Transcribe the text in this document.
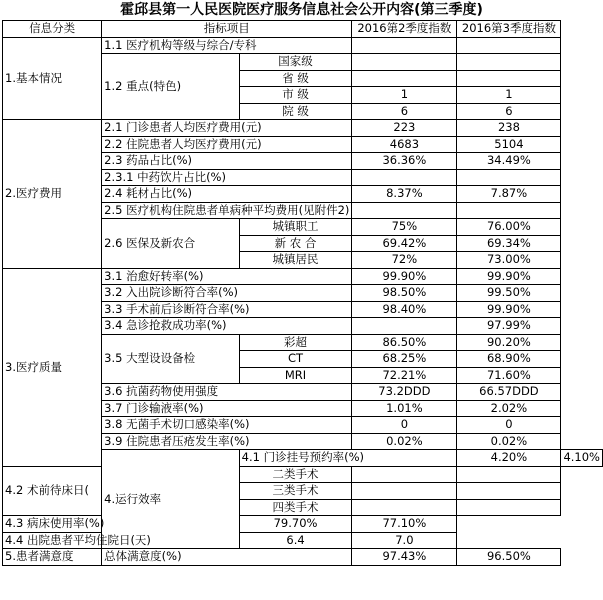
霍邱县第一人民医院医疗服务信息社会公开内容(第三季度)
信息分类	指标项目		2016第2季度指数	2016第3季度指数	
1.基本情况	1.1 医疗机构等级与综合/专科				
	1.2 重点(特色)	国家级			
		省 级			
		市 级	1	1	
		院 级	6	6	
2.医疗费用	2.1 门诊患者人均医疗费用(元)		223	238	
	2.2 住院患者人均医疗费用(元)		4683	5104	
	2.3 药品占比(%)		36.36%	34.49%	
	2.3.1 中药饮片占比(%)				
	2.4 耗材占比(%)		8.37%	7.87%	
	2.5 医疗机构住院患者单病种平均费用(见附件2)				
	2.6 医保及新农合	城镇职工	75%	76.00%	
		新 农 合	69.42%	69.34%	
		城镇居民	72%	73.00%	
3.医疗质量	3.1 治愈好转率(%)		99.90%	99.90%	
	3.2 入出院诊断符合率(%)		98.50%	99.50%	
	3.3 手术前后诊断符合率(%)		98.40%	99.90%	
	3.4 急诊抢救成功率(%)			97.99%	
	3.5 大型设设备检	彩超	86.50%	90.20%	
		CT	68.25%	68.90%	
		MRI	72.21%	71.60%	
	3.6 抗菌药物使用强度		73.2DDD	66.57DDD	
	3.7 门诊输液率(%)		1.01%	2.02%	
	3.8 无菌手术切口感染率(%)		0	0	
	3.9 住院患者压疮发生率(%)		0.02%	0.02%	
	4.运行效率	4.1 门诊挂号预约率(%)		4.20%	4.10%
4.2 术前待床日(		二类手术			
		三类手术			
		四类手术			
4.3 病床使用率(%)		79.70%	77.10%		
4.4 出院患者平均住院日(天)		6.4	7.0		
5.患者满意度	总体满意度(%)		97.43%	96.50%	
